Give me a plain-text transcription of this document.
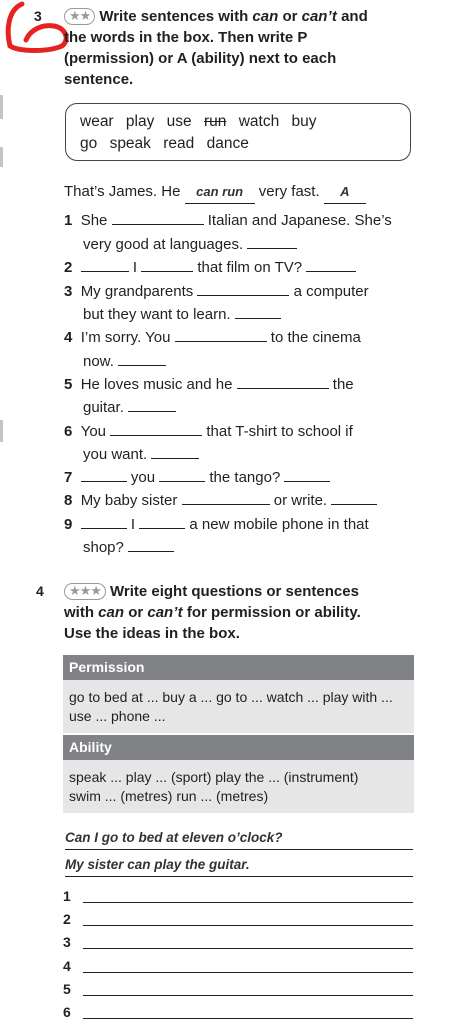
3	★★ Write sentences with can or can’t and the words in the box. Then write P (permission) or A (ability) next to each sentence.
wear play use run watch buy
go speak read dance
That’s James. He can run very fast. A
1 She	Italian and Japanese. She’s
very good at languages.
2	I	that film on TV?
3 My grandparents	a computer
but they want to learn.
4 I’m sorry. You	to the cinema
now.
5 He loves music and he	the
guitar.
6 You	that T-shirt to school if
you want.
7	you	the tango?
8 My baby sister	or write.
9	I	a new mobile phone in that
shop?
4	★★★ Write eight questions or sentences
with can or can’t for permission or ability.
Use the ideas in the box.
Permission
go to bed at ... buy a ... go to ... watch ... play with ...
use ... phone ...
Ability
speak ... play ... (sport) play the ... (instrument)
swim ... (metres) run ... (metres)
Can I go to bed at eleven o’clock?
My sister can play the guitar.
1
2
3
4
5
6
